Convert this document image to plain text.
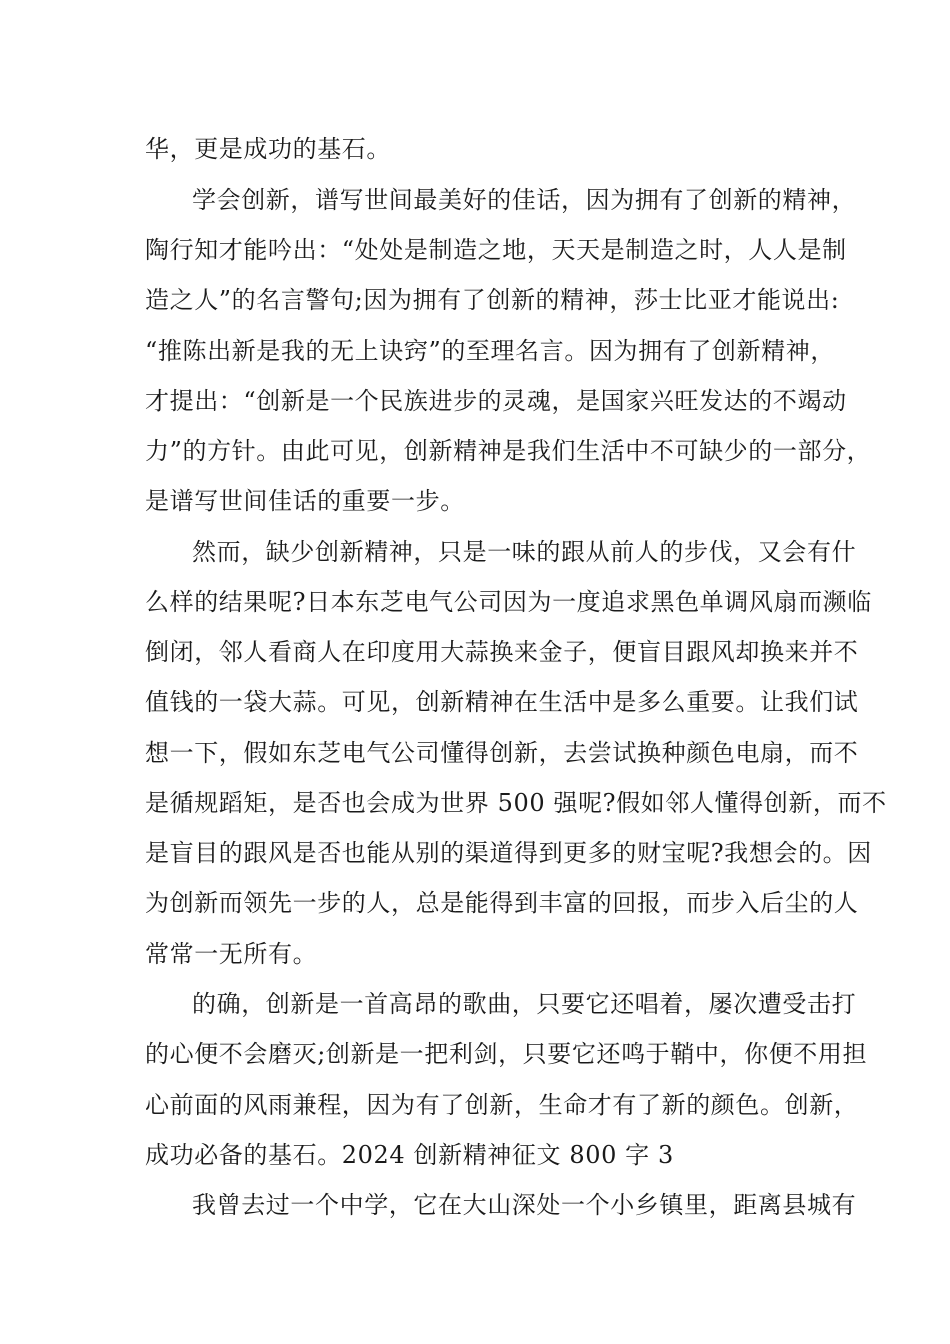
华，更是成功的基石。
学会创新，谱写世间最美好的佳话，因为拥有了创新的精神，
陶行知才能吟出：“处处是制造之地，天天是制造之时，人人是制
造之人”的名言警句;因为拥有了创新的精神，莎士比亚才能说出:
“推陈出新是我的无上诀窍”的至理名言。因为拥有了创新精神，
才提出：“创新是一个民族进步的灵魂，是国家兴旺发达的不竭动
力”的方针。由此可见，创新精神是我们生活中不可缺少的一部分，
是谱写世间佳话的重要一步。
然而，缺少创新精神，只是一味的跟从前人的步伐，又会有什
么样的结果呢?日本东芝电气公司因为一度追求黑色单调风扇而濒临
倒闭，邻人看商人在印度用大蒜换来金子，便盲目跟风却换来并不
值钱的一袋大蒜。可见，创新精神在生活中是多么重要。让我们试
想一下，假如东芝电气公司懂得创新，去尝试换种颜色电扇，而不
是循规蹈矩，是否也会成为世界 500 强呢?假如邻人懂得创新，而不
是盲目的跟风是否也能从别的渠道得到更多的财宝呢?我想会的。因
为创新而领先一步的人，总是能得到丰富的回报，而步入后尘的人
常常一无所有。
的确，创新是一首高昂的歌曲，只要它还唱着，屡次遭受击打
的心便不会磨灭;创新是一把利剑，只要它还鸣于鞘中，你便不用担
心前面的风雨兼程，因为有了创新，生命才有了新的颜色。创新，
成功必备的基石。2024 创新精神征文 800 字 3
我曾去过一个中学，它在大山深处一个小乡镇里，距离县城有
